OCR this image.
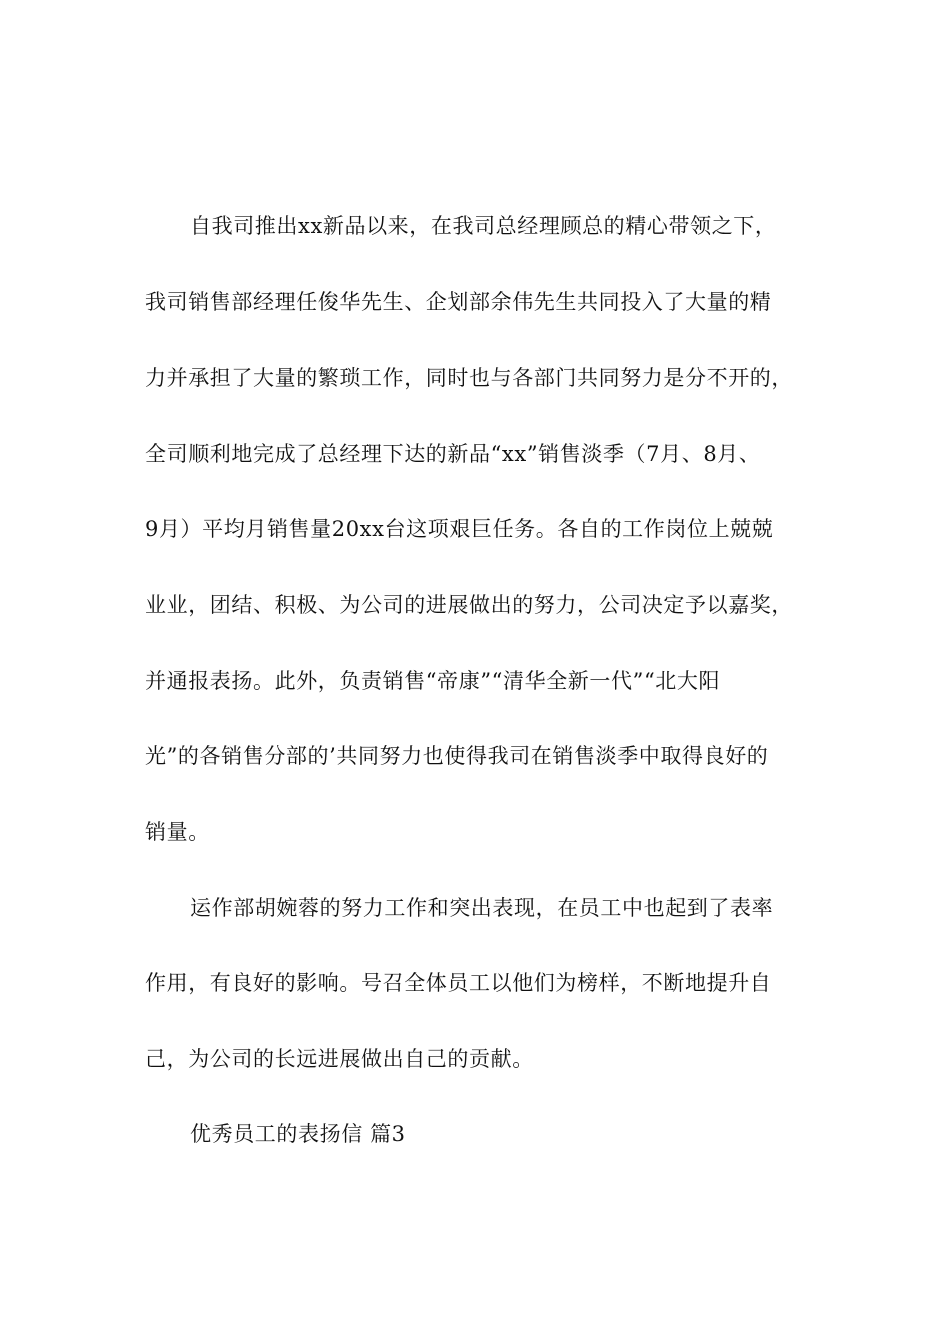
自我司推出xx新品以来，在我司总经理顾总的精心带领之下，
我司销售部经理任俊华先生、企划部余伟先生共同投入了大量的精
力并承担了大量的繁琐工作，同时也与各部门共同努力是分不开的，
全司顺利地完成了总经理下达的新品“xx”销售淡季（7月、8月、
9月）平均月销售量20xx台这项艰巨任务。各自的工作岗位上兢兢
业业，团结、积极、为公司的进展做出的努力，公司决定予以嘉奖，
并通报表扬。此外，负责销售“帝康”“清华全新一代”“北大阳
光”的各销售分部的’共同努力也使得我司在销售淡季中取得良好的
销量。
运作部胡婉蓉的努力工作和突出表现，在员工中也起到了表率
作用，有良好的影响。号召全体员工以他们为榜样，不断地提升自
己，为公司的长远进展做出自己的贡献。
优秀员工的表扬信 篇3
